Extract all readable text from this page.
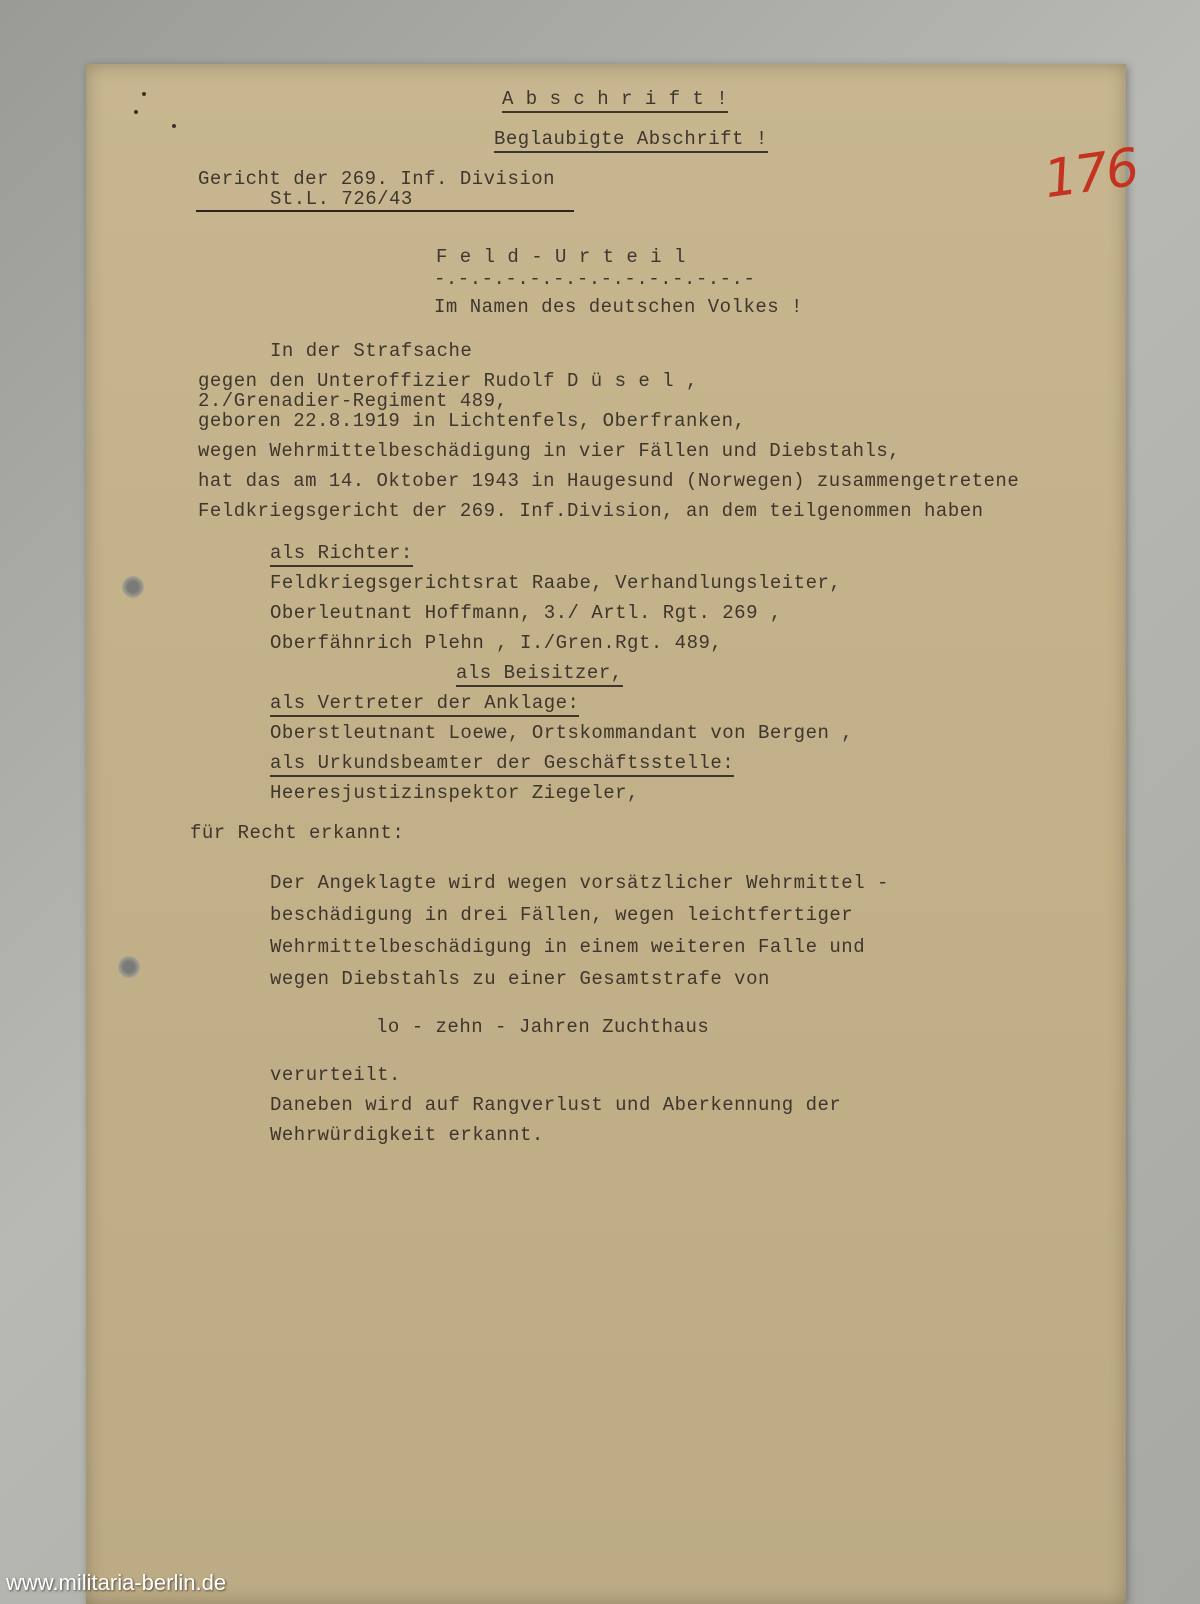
176
A b s c h r i f t !
Beglaubigte Abschrift !
Gericht der 269. Inf. Division
St.L. 726/43
F e l d - U r t e i l
-.-.-.-.-.-.-.-.-.-.-.-.-.-
Im Namen des deutschen Volkes !
In der Strafsache
gegen den Unteroffizier Rudolf D ü s e l ,
2./Grenadier-Regiment 489,
geboren 22.8.1919 in Lichtenfels, Oberfranken,
wegen Wehrmittelbeschädigung in vier Fällen und Diebstahls,
hat das am 14. Oktober 1943 in Haugesund (Norwegen) zusammengetretene
Feldkriegsgericht der 269. Inf.Division, an dem teilgenommen haben
als Richter:
Feldkriegsgerichtsrat Raabe, Verhandlungsleiter,
Oberleutnant Hoffmann, 3./ Artl. Rgt. 269 ,
Oberfähnrich Plehn , I./Gren.Rgt. 489,
als Beisitzer,
als Vertreter der Anklage:
Oberstleutnant Loewe, Ortskommandant von Bergen ,
als Urkundsbeamter der Geschäftsstelle:
Heeresjustizinspektor Ziegeler,
für Recht erkannt:
Der Angeklagte wird wegen vorsätzlicher Wehrmittel -
beschädigung in drei Fällen, wegen leichtfertiger
Wehrmittelbeschädigung in einem weiteren Falle und
wegen Diebstahls zu einer Gesamtstrafe von
lo - zehn - Jahren Zuchthaus
verurteilt.
Daneben wird auf Rangverlust und Aberkennung der
Wehrwürdigkeit erkannt.
www.militaria-berlin.de
